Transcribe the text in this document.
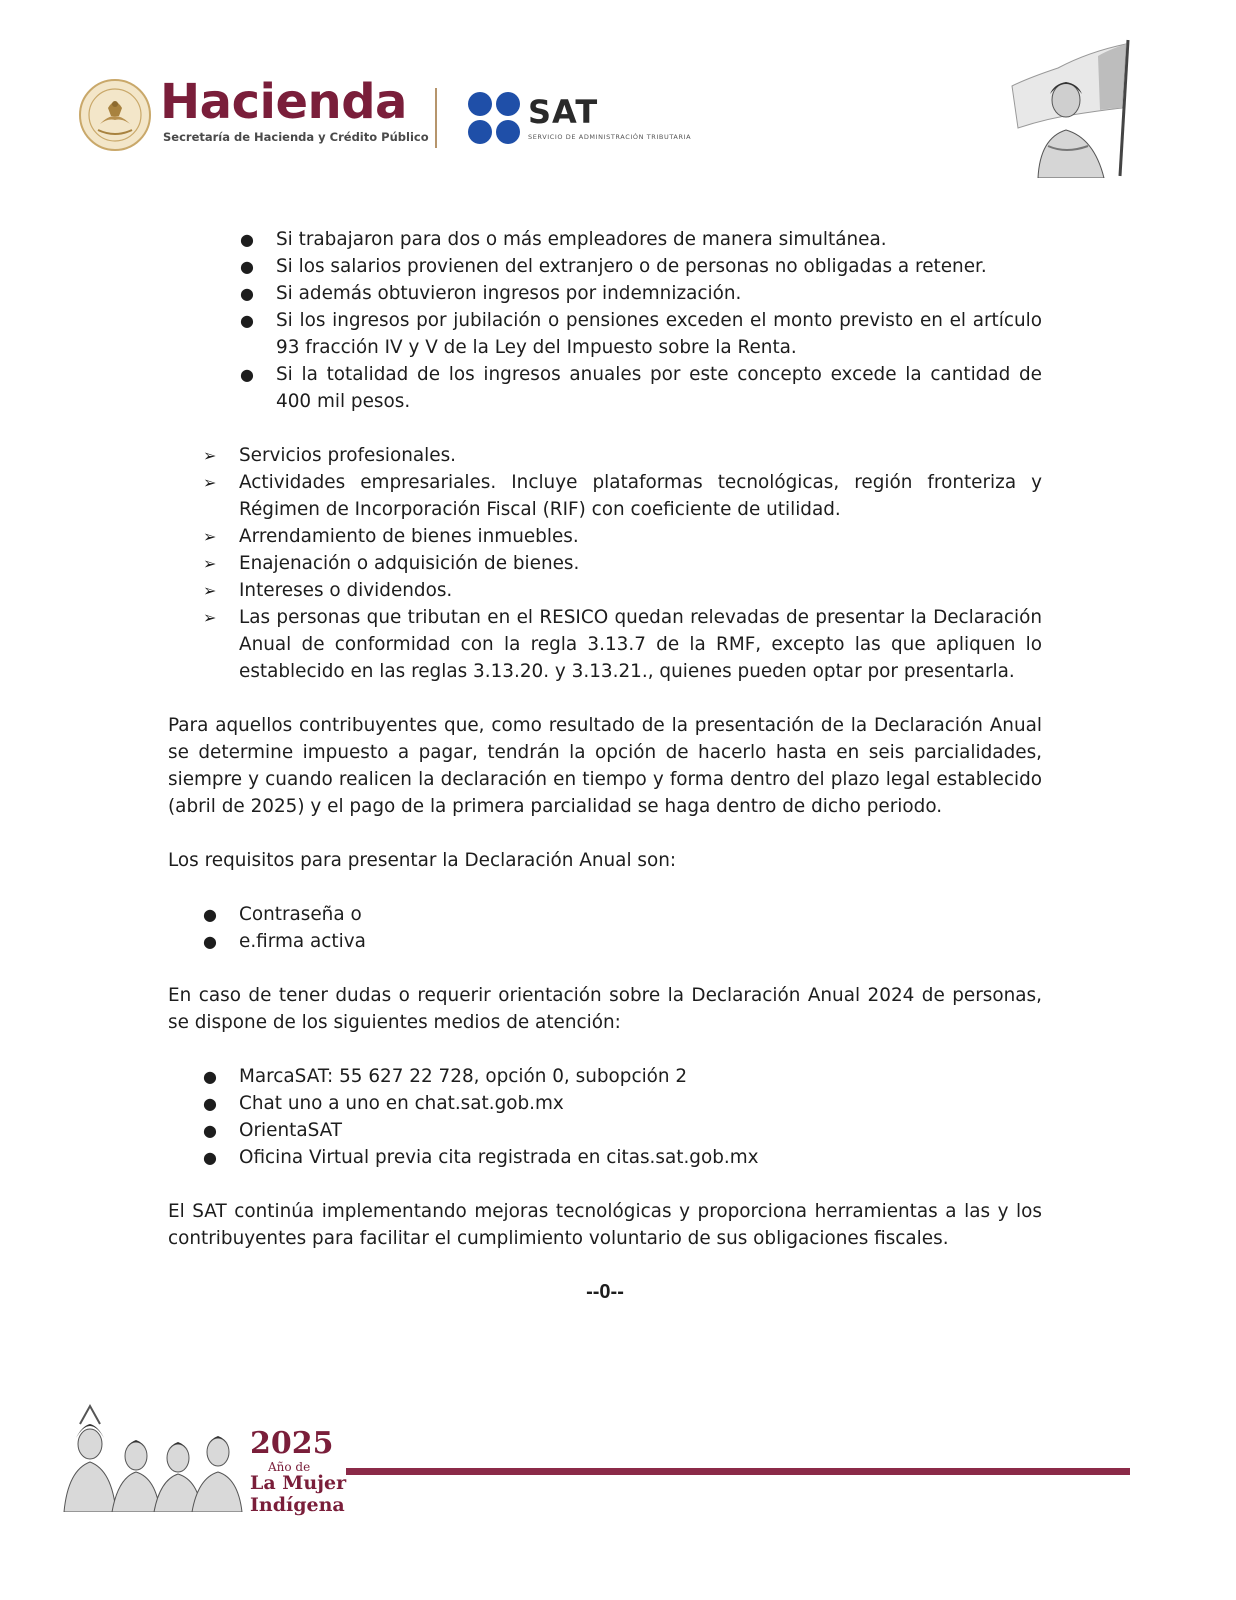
Hacienda
Secretaría de Hacienda y Crédito Público
SAT
SERVICIO DE ADMINISTRACIÓN TRIBUTARIA
●	Si trabajaron para dos o más empleadores de manera simultánea.
●	Si los salarios provienen del extranjero o de personas no obligadas a retener.
●	Si además obtuvieron ingresos por indemnización.
●	Si los ingresos por jubilación o pensiones exceden el monto previsto en el artículo 93 fracción IV y V de la Ley del Impuesto sobre la Renta.
●	Si la totalidad de los ingresos anuales por este concepto excede la cantidad de 400 mil pesos.
➢	Servicios profesionales.
➢	Actividades empresariales. Incluye plataformas tecnológicas, región fronteriza y Régimen de Incorporación Fiscal (RIF) con coeficiente de utilidad.
➢	Arrendamiento de bienes inmuebles.
➢	Enajenación o adquisición de bienes.
➢	Intereses o dividendos.
➢	Las personas que tributan en el RESICO quedan relevadas de presentar la Declaración Anual de conformidad con la regla 3.13.7 de la RMF, excepto las que apliquen lo establecido en las reglas 3.13.20. y 3.13.21., quienes pueden optar por presentarla.

Para aquellos contribuyentes que, como resultado de la presentación de la Declaración Anual se determine impuesto a pagar, tendrán la opción de hacerlo hasta en seis parcialidades, siempre y cuando realicen la declaración en tiempo y forma dentro del plazo legal establecido (abril de 2025) y el pago de la primera parcialidad se haga dentro de dicho periodo.

Los requisitos para presentar la Declaración Anual son:

●	Contraseña o
●	e.firma activa

En caso de tener dudas o requerir orientación sobre la Declaración Anual 2024 de personas, se dispone de los siguientes medios de atención:

●	MarcaSAT: 55 627 22 728, opción 0, subopción 2
●	Chat uno a uno en chat.sat.gob.mx
●	OrientaSAT
●	Oficina Virtual previa cita registrada en citas.sat.gob.mx

El SAT continúa implementando mejoras tecnológicas y proporciona herramientas a las y los contribuyentes para facilitar el cumplimiento voluntario de sus obligaciones fiscales.

--0--
2025
Año de
La Mujer
Indígena
